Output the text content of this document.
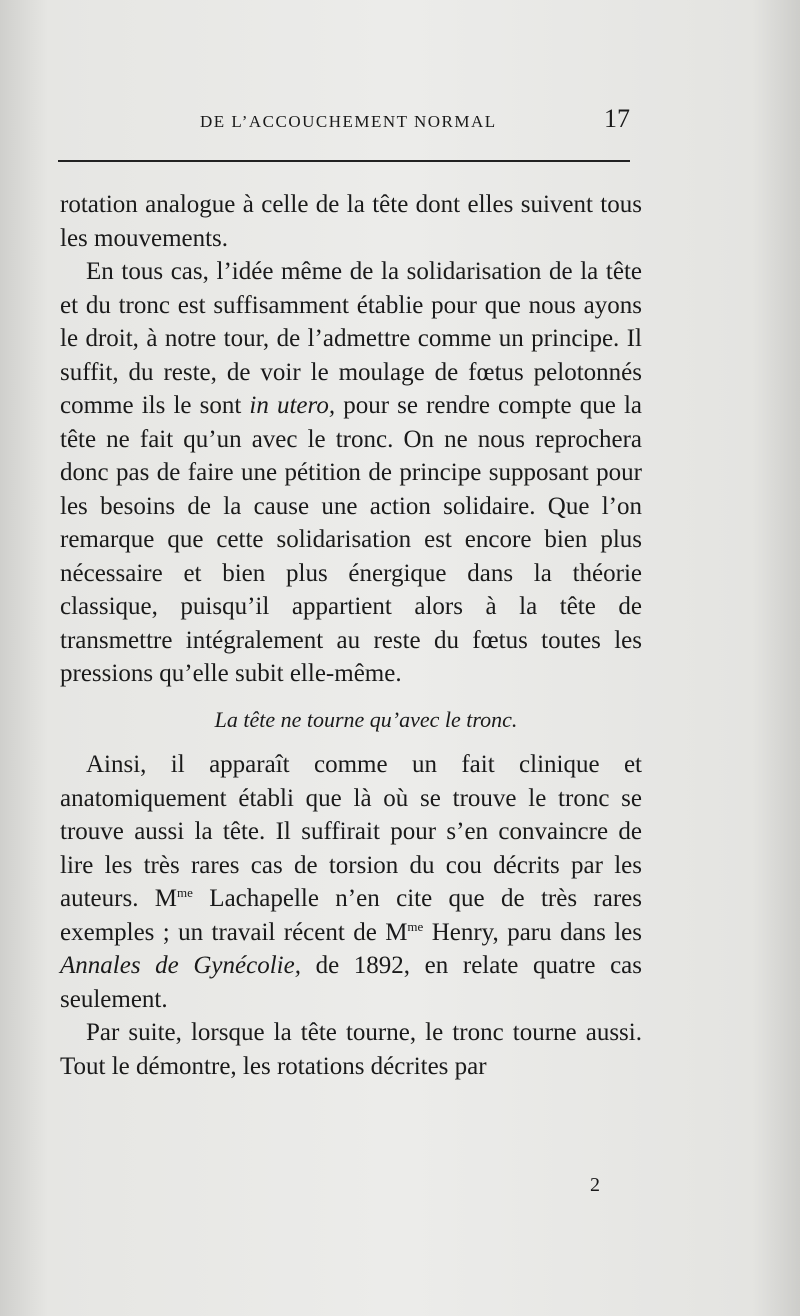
DE L’ACCOUCHEMENT NORMAL	17

rotation analogue à celle de la tête dont elles suivent tous les mouvements.

En tous cas, l’idée même de la solidarisation de la tête et du tronc est suffisamment établie pour que nous ayons le droit, à notre tour, de l’admettre comme un principe. Il suffit, du reste, de voir le moulage de fœtus pelotonnés comme ils le sont in utero, pour se rendre compte que la tête ne fait qu’un avec le tronc. On ne nous reprochera donc pas de faire une pétition de principe supposant pour les besoins de la cause une action solidaire. Que l’on remarque que cette solidarisation est encore bien plus nécessaire et bien plus énergique dans la théorie classique, puisqu’il appartient alors à la tête de transmettre intégralement au reste du fœtus toutes les pressions qu’elle subit elle-même.

La tête ne tourne qu’avec le tronc.

Ainsi, il apparaît comme un fait clinique et anatomiquement établi que là où se trouve le tronc se trouve aussi la tête. Il suffirait pour s’en convaincre de lire les très rares cas de torsion du cou décrits par les auteurs. $M^{me}$ Lachapelle n’en cite que de très rares exemples ; un travail récent de $M^{me}$ Henry, paru dans les Annales de Gynécolie, de 1892, en relate quatre cas seulement.

Par suite, lorsque la tête tourne, le tronc tourne aussi. Tout le démontre, les rotations décrites par

2
